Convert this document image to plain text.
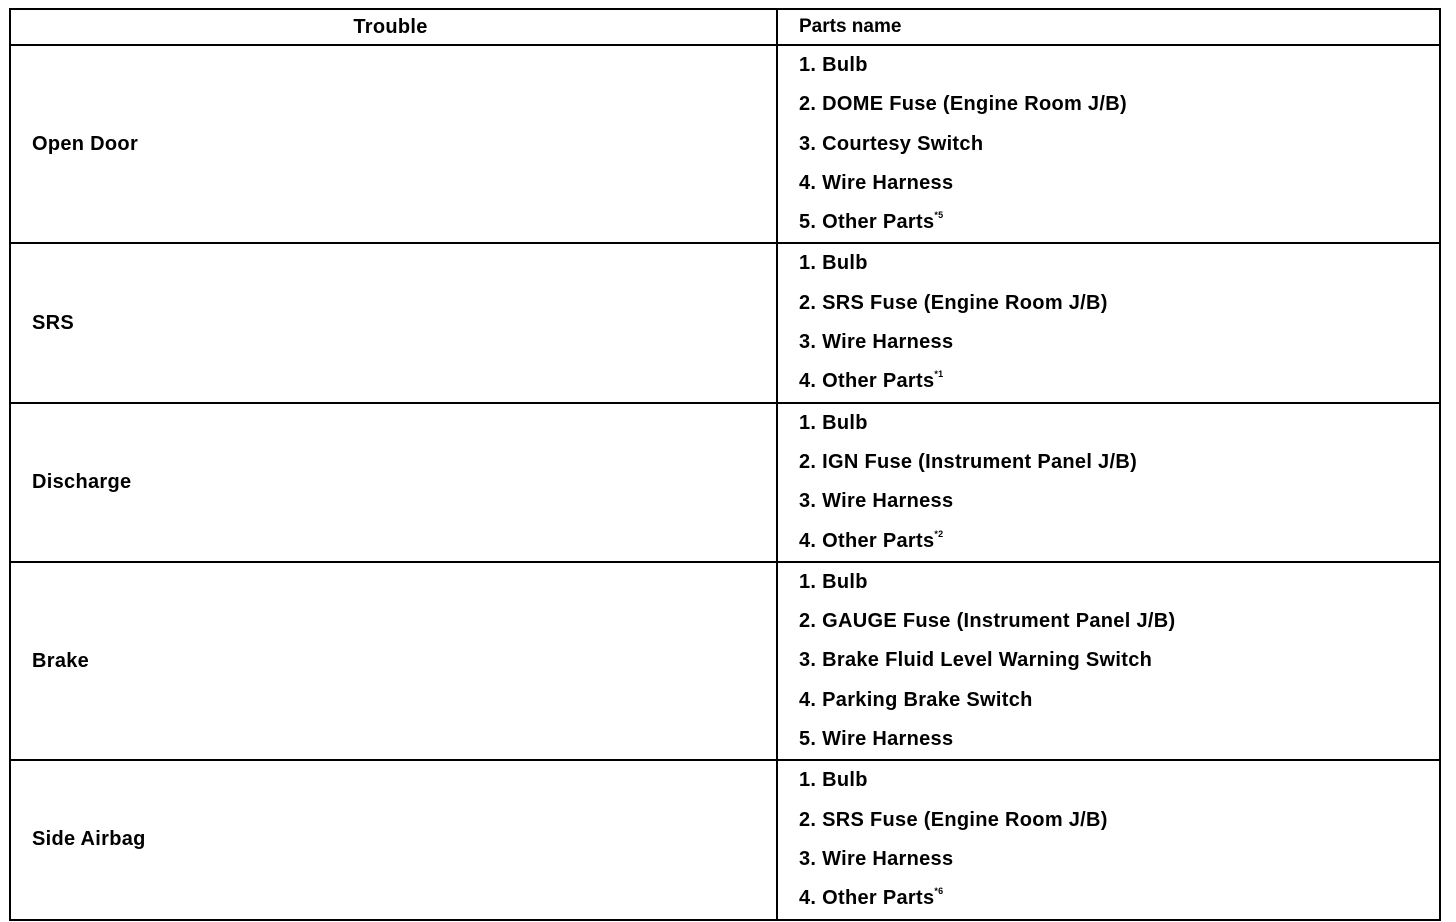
Trouble	Parts name
Open Door
1. Bulb
2. DOME Fuse (Engine Room J/B)
3. Courtesy Switch
4. Wire Harness
5. Other Parts$^{*5}$
SRS
1. Bulb
2. SRS Fuse (Engine Room J/B)
3. Wire Harness
4. Other Parts$^{*1}$
Discharge
1. Bulb
2. IGN Fuse (Instrument Panel J/B)
3. Wire Harness
4. Other Parts$^{*2}$
Brake
1. Bulb
2. GAUGE Fuse (Instrument Panel J/B)
3. Brake Fluid Level Warning Switch
4. Parking Brake Switch
5. Wire Harness
Side Airbag
1. Bulb
2. SRS Fuse (Engine Room J/B)
3. Wire Harness
4. Other Parts$^{*6}$
